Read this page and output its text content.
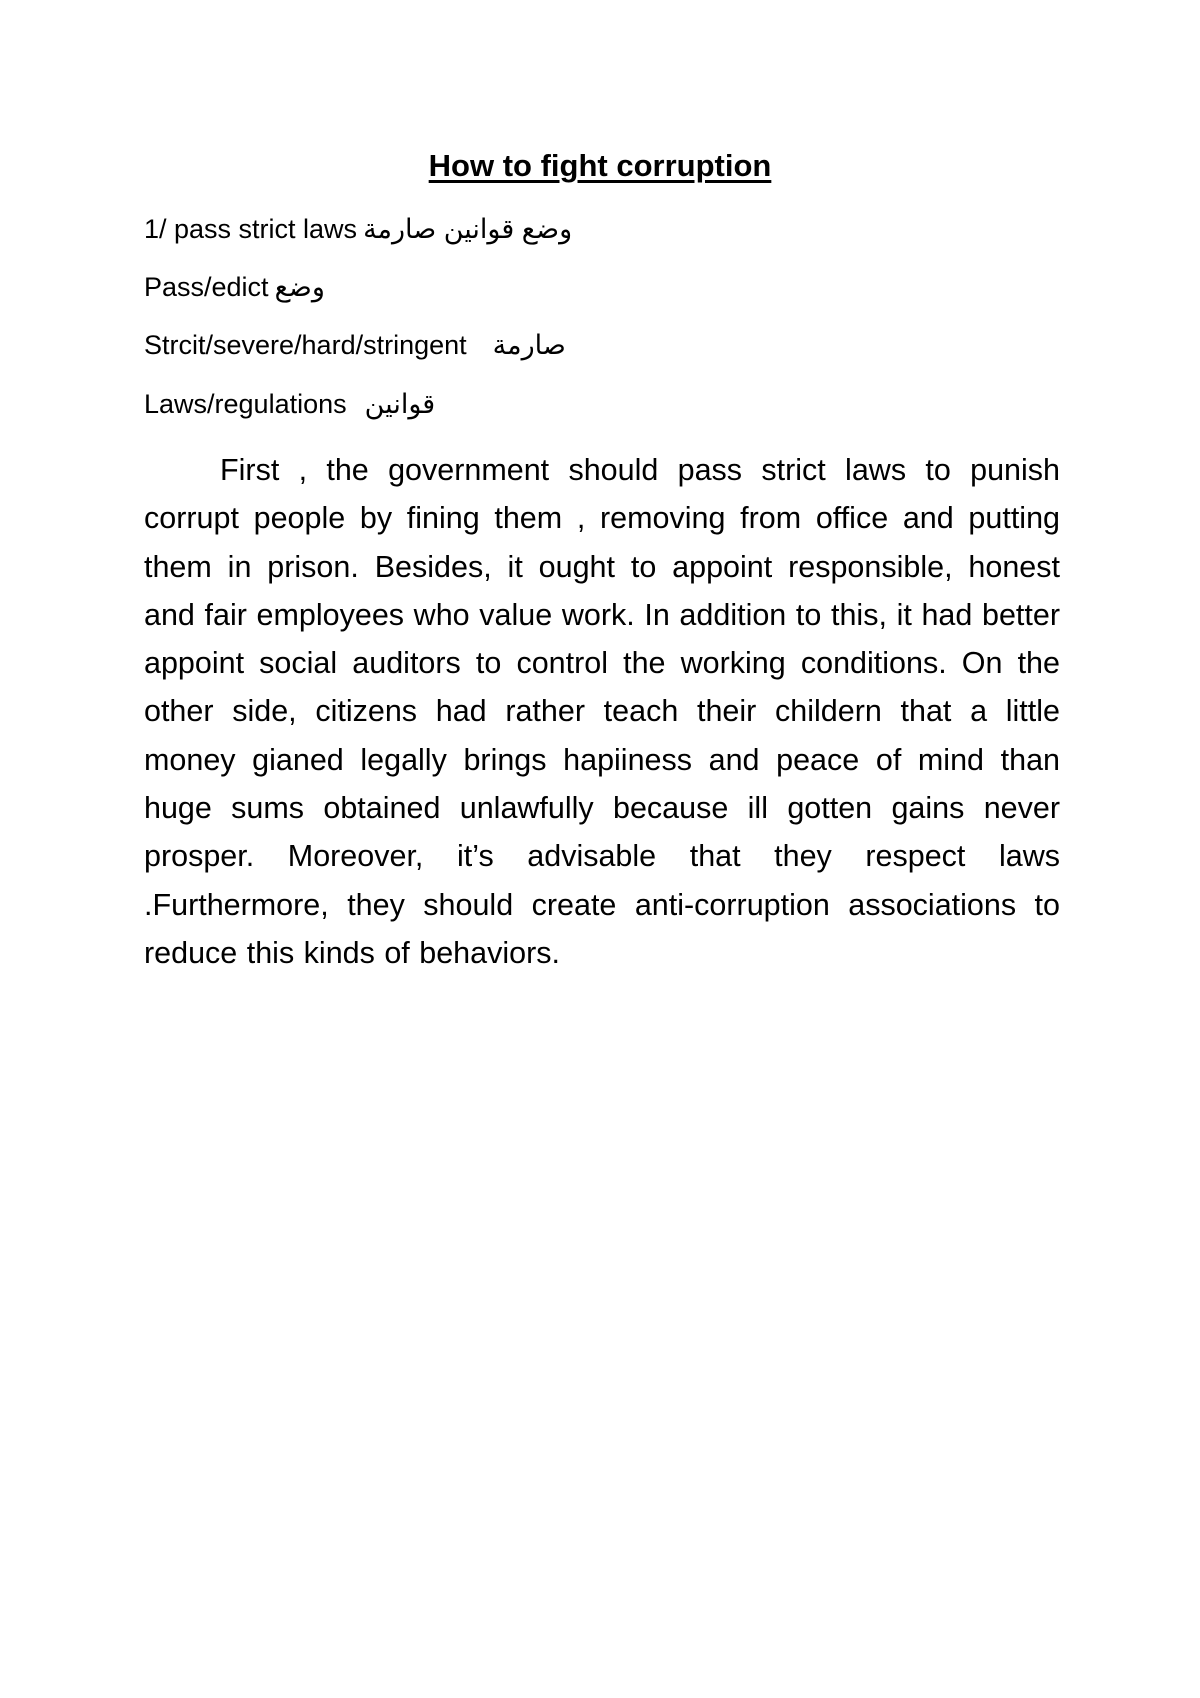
How to fight corruption
1/ pass strict laws وضع قوانين صارمة
Pass/edict وضع
Strcit/severe/hard/stringent صارمة
Laws/regulations قوانين

First , the government should pass strict laws to punish corrupt people by fining them , removing from office and putting them in prison. Besides, it ought to appoint responsible, honest and fair employees who value work. In addition to this, it had better appoint social auditors to control the working conditions. On the other side, citizens had rather teach their childern that a little money gianed legally brings hapiiness and peace of mind than huge sums obtained unlawfully because ill gotten gains never prosper. Moreover, it’s advisable that they respect laws .Furthermore, they should create anti-corruption associations to reduce this kinds of behaviors.
